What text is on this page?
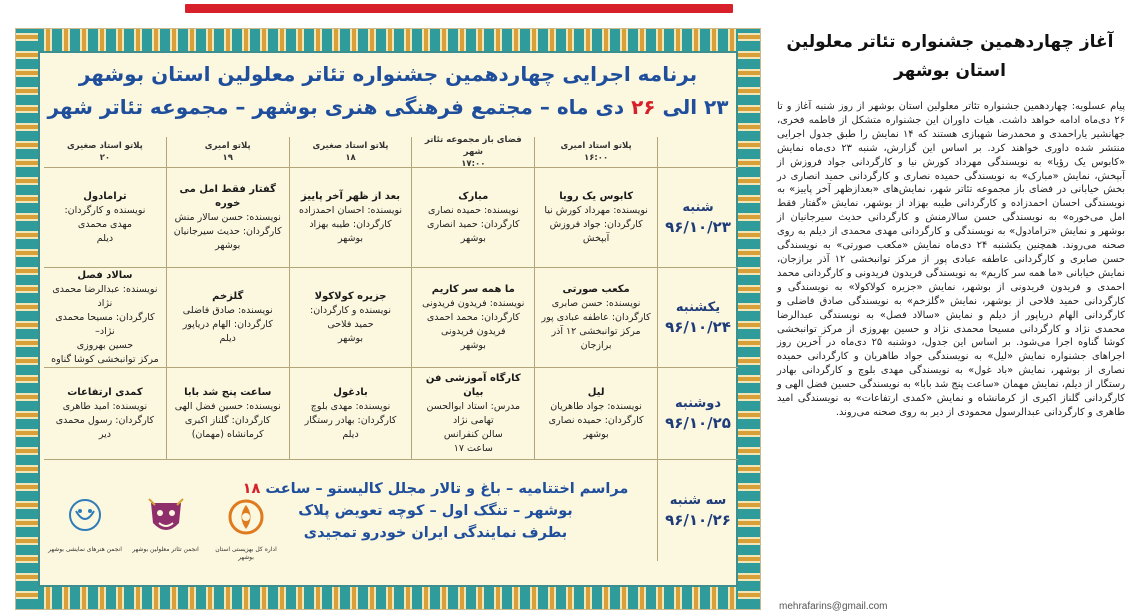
آغاز چهاردهمین جشنواره تئاتر معلولین استان بوشهر

پیام عسلویه: چهاردهمین جشنواره تئاتر معلولین استان بوشهر از روز شنبه آغاز و تا ۲۶ دی‌ماه ادامه خواهد داشت. هیات داوران این جشنواره متشکل از فاطمه فخری، جهانشیر یاراحمدی و محمدرضا شهبازی هستند که ۱۴ نمایش را طبق جدول اجرایی منتشر شده داوری خواهند کرد. بر اساس این گزارش، شنبه ۲۳ دی‌ماه نمایش «کابوس یک رؤیا» به نویسندگی مهرداد کورش نیا و کارگردانی جواد فروزش از آبپخش، نمایش «مبارک» به نویسندگی حمیده نصاری و کارگردانی حمید انصاری در بخش خیابانی در فضای باز مجموعه تئاتر شهر، نمایش‌های «بعدازظهر آخر پاییز» به نویسندگی احسان احمدزاده و کارگردانی طیبه بهزاد از بوشهر، نمایش «گفتار فقط امل می‌خوره» به نویسندگی حسن سالارمنش و کارگردانی حدیث سیرجانیان از بوشهر و نمایش «ترامادول» به نویسندگی و کارگردانی مهدی محمدی از دیلم به روی صحنه می‌روند. همچنین یکشنبه ۲۴ دی‌ماه نمایش «مکعب صورتی» به نویسندگی حسن صابری و کارگردانی عاطفه عبادی پور از مرکز توانبخشی ۱۲ آذر برازجان، نمایش خیابانی «ما همه سر کاریم» به نویسندگی فریدون فریدونی و کارگردانی محمد احمدی و فریدون فریدونی از بوشهر، نمایش «جزیره کولاکولا» به نویسندگی و کارگردانی حمید فلاحی از بوشهر، نمایش «گلزخم» به نویسندگی صادق فاضلی و کارگردانی الهام دریاپور از دیلم و نمایش «سالاد فصل» به نویسندگی عبدالرضا محمدی نژاد و کارگردانی مسیحا محمدی نژاد و حسین بهروزی از مرکز توانبخشی کوشا گناوه اجرا می‌شود. بر اساس این جدول، دوشنبه ۲۵ دی‌ماه در آخرین روز اجراهای جشنواره نمایش «لیل» به نویسندگی جواد طاهریان و کارگردانی حمیده نصاری از بوشهر، نمایش «باد غول» به نویسندگی مهدی بلوچ و کارگردانی بهادر رستگار از دیلم، نمایش مهمان «ساعت پنج شد بابا» به نویسندگی حسین فضل الهی و کارگردانی گلناز اکبری از کرمانشاه و نمایش «کمدی ارتفاعات» به نویسندگی امید طاهری و کارگردانی عبدالرسول محمودی از دیر به روی صحنه می‌روند.

mehrafarins@gmail.com
برنامه اجرایی چهاردهمین جشنواره تئاتر معلولین استان بوشهر
۲۳ الی ۲۶ دی ماه – مجتمع فرهنگی هنری بوشهر – مجموعه تئاتر شهر
پلاتو استاد امیری
۱۶:۰۰
فضای باز مجموعه تئاتر شهر
۱۷:۰۰
پلاتو استاد صغیری
۱۸
پلاتو امیری
۱۹
پلاتو استاد صغیری
۲۰
شنبه
۹۶/۱۰/۲۳
کابوس یک رویا
نویسنده: مهرداد کورش نیا
کارگردان: جواد فروزش
آبپخش
مبارک
نویسنده: حمیده نصاری
کارگردان: حمید انصاری
بوشهر
بعد از ظهر آخر پاییز
نویسنده: احسان احمدزاده
کارگردان: طیبه بهزاد
بوشهر
گفتار فقط امل می خوره
نویسنده: حسن سالار منش
کارگردان: حدیث سیرجانیان
بوشهر
ترامادول
نویسنده و کارگردان:
مهدی محمدی
دیلم
یکشنبه
۹۶/۱۰/۲۴
مکعب صورتی
نویسنده: حسن صابری
کارگردان: عاطفه عبادی پور
مرکز توانبخشی ۱۲ آذر برازجان
ما همه سر کاریم
نویسنده: فریدون فریدونی
کارگردان: محمد احمدی
فریدون فریدونی
بوشهر
جزیره کولاکولا
نویسنده و کارگردان:
حمید فلاحی
بوشهر
گلزخم
نویسنده: صادق فاضلی
کارگردان: الهام دریاپور
دیلم
سالاد فصل
نویسنده: عبدالرضا محمدی نژاد
کارگردان: مسیحا محمدی نژاد–
حسین بهروزی
مرکز توانبخشی کوشا گناوه
دوشنبه
۹۶/۱۰/۲۵
لیل
نویسنده: جواد طاهریان
کارگردان: حمیده نصاری
بوشهر
کارگاه آموزشی فن بیان
مدرس: استاد ابوالحسن تهامی نژاد
سالن کنفرانس
ساعت ۱۷
بادغول
نویسنده: مهدی بلوچ
کارگردان: بهادر رستگار
دیلم
ساعت پنج شد بابا
نویسنده: حسین فضل الهی
کارگردان: گلناز اکبری
کرمانشاه (مهمان)
کمدی ارتفاعات
نویسنده: امید طاهری
کارگردان: رسول محمدی
دیر
سه شنبه
۹۶/۱۰/۲۶
مراسم اختتامیه – باغ و تالار مجلل کالیستو – ساعت ۱۸
بوشهر – تنگک اول – کوچه تعویض پلاک
بطرف نمایندگی ایران خودرو تمجیدی
انجمن هنرهای نمایشی بوشهر انجمن تئاتر معلولین بوشهر	اداره کل بهزیستی استان بوشهر
